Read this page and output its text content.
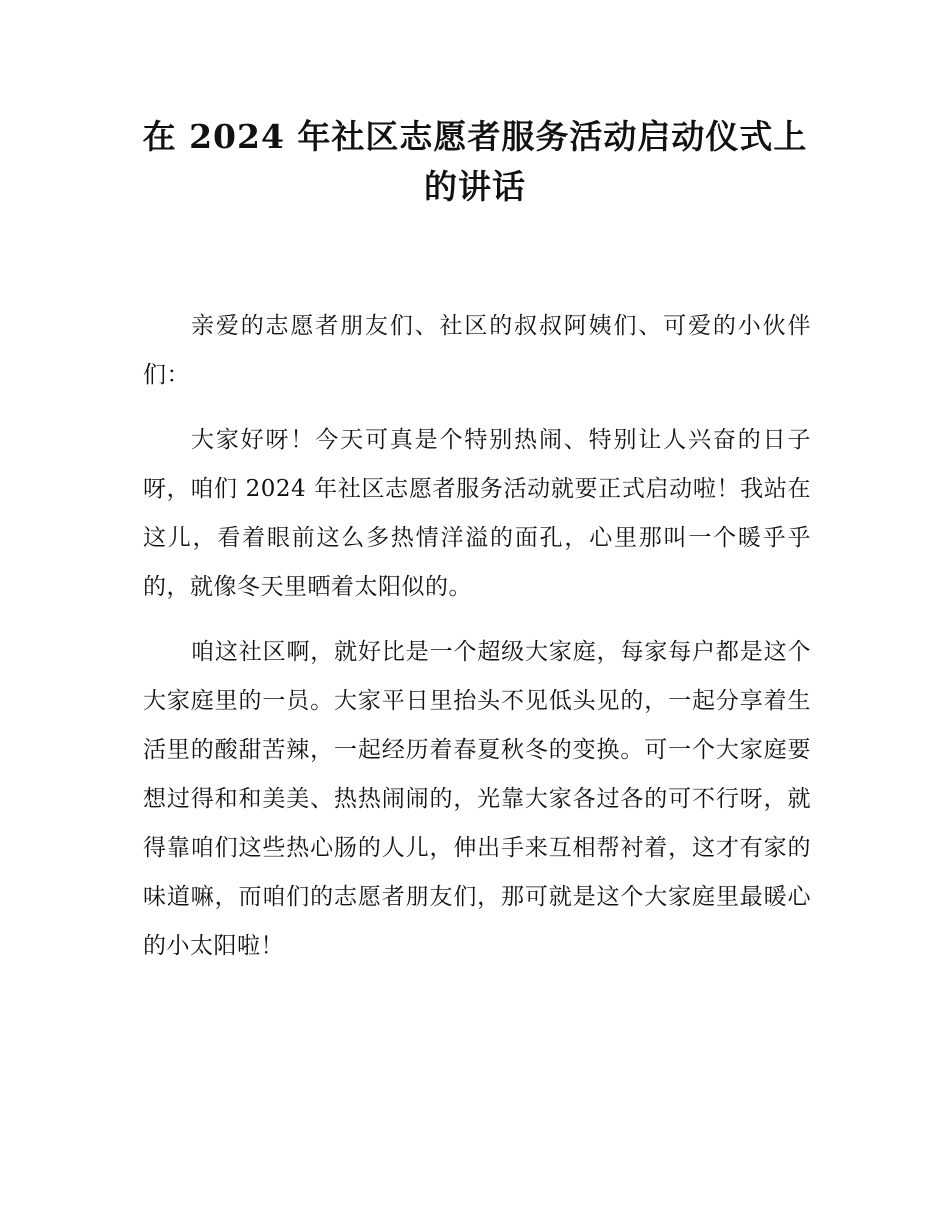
在 2024 年社区志愿者服务活动启动仪式上
的讲话

亲爱的志愿者朋友们、社区的叔叔阿姨们、可爱的小伙伴们：

大家好呀！今天可真是个特别热闹、特别让人兴奋的日子呀，咱们 2024 年社区志愿者服务活动就要正式启动啦！我站在这儿，看着眼前这么多热情洋溢的面孔，心里那叫一个暖乎乎的，就像冬天里晒着太阳似的。

咱这社区啊，就好比是一个超级大家庭，每家每户都是这个大家庭里的一员。大家平日里抬头不见低头见的，一起分享着生活里的酸甜苦辣，一起经历着春夏秋冬的变换。可一个大家庭要想过得和和美美、热热闹闹的，光靠大家各过各的可不行呀，就得靠咱们这些热心肠的人儿，伸出手来互相帮衬着，这才有家的味道嘛，而咱们的志愿者朋友们，那可就是这个大家庭里最暖心的小太阳啦！
